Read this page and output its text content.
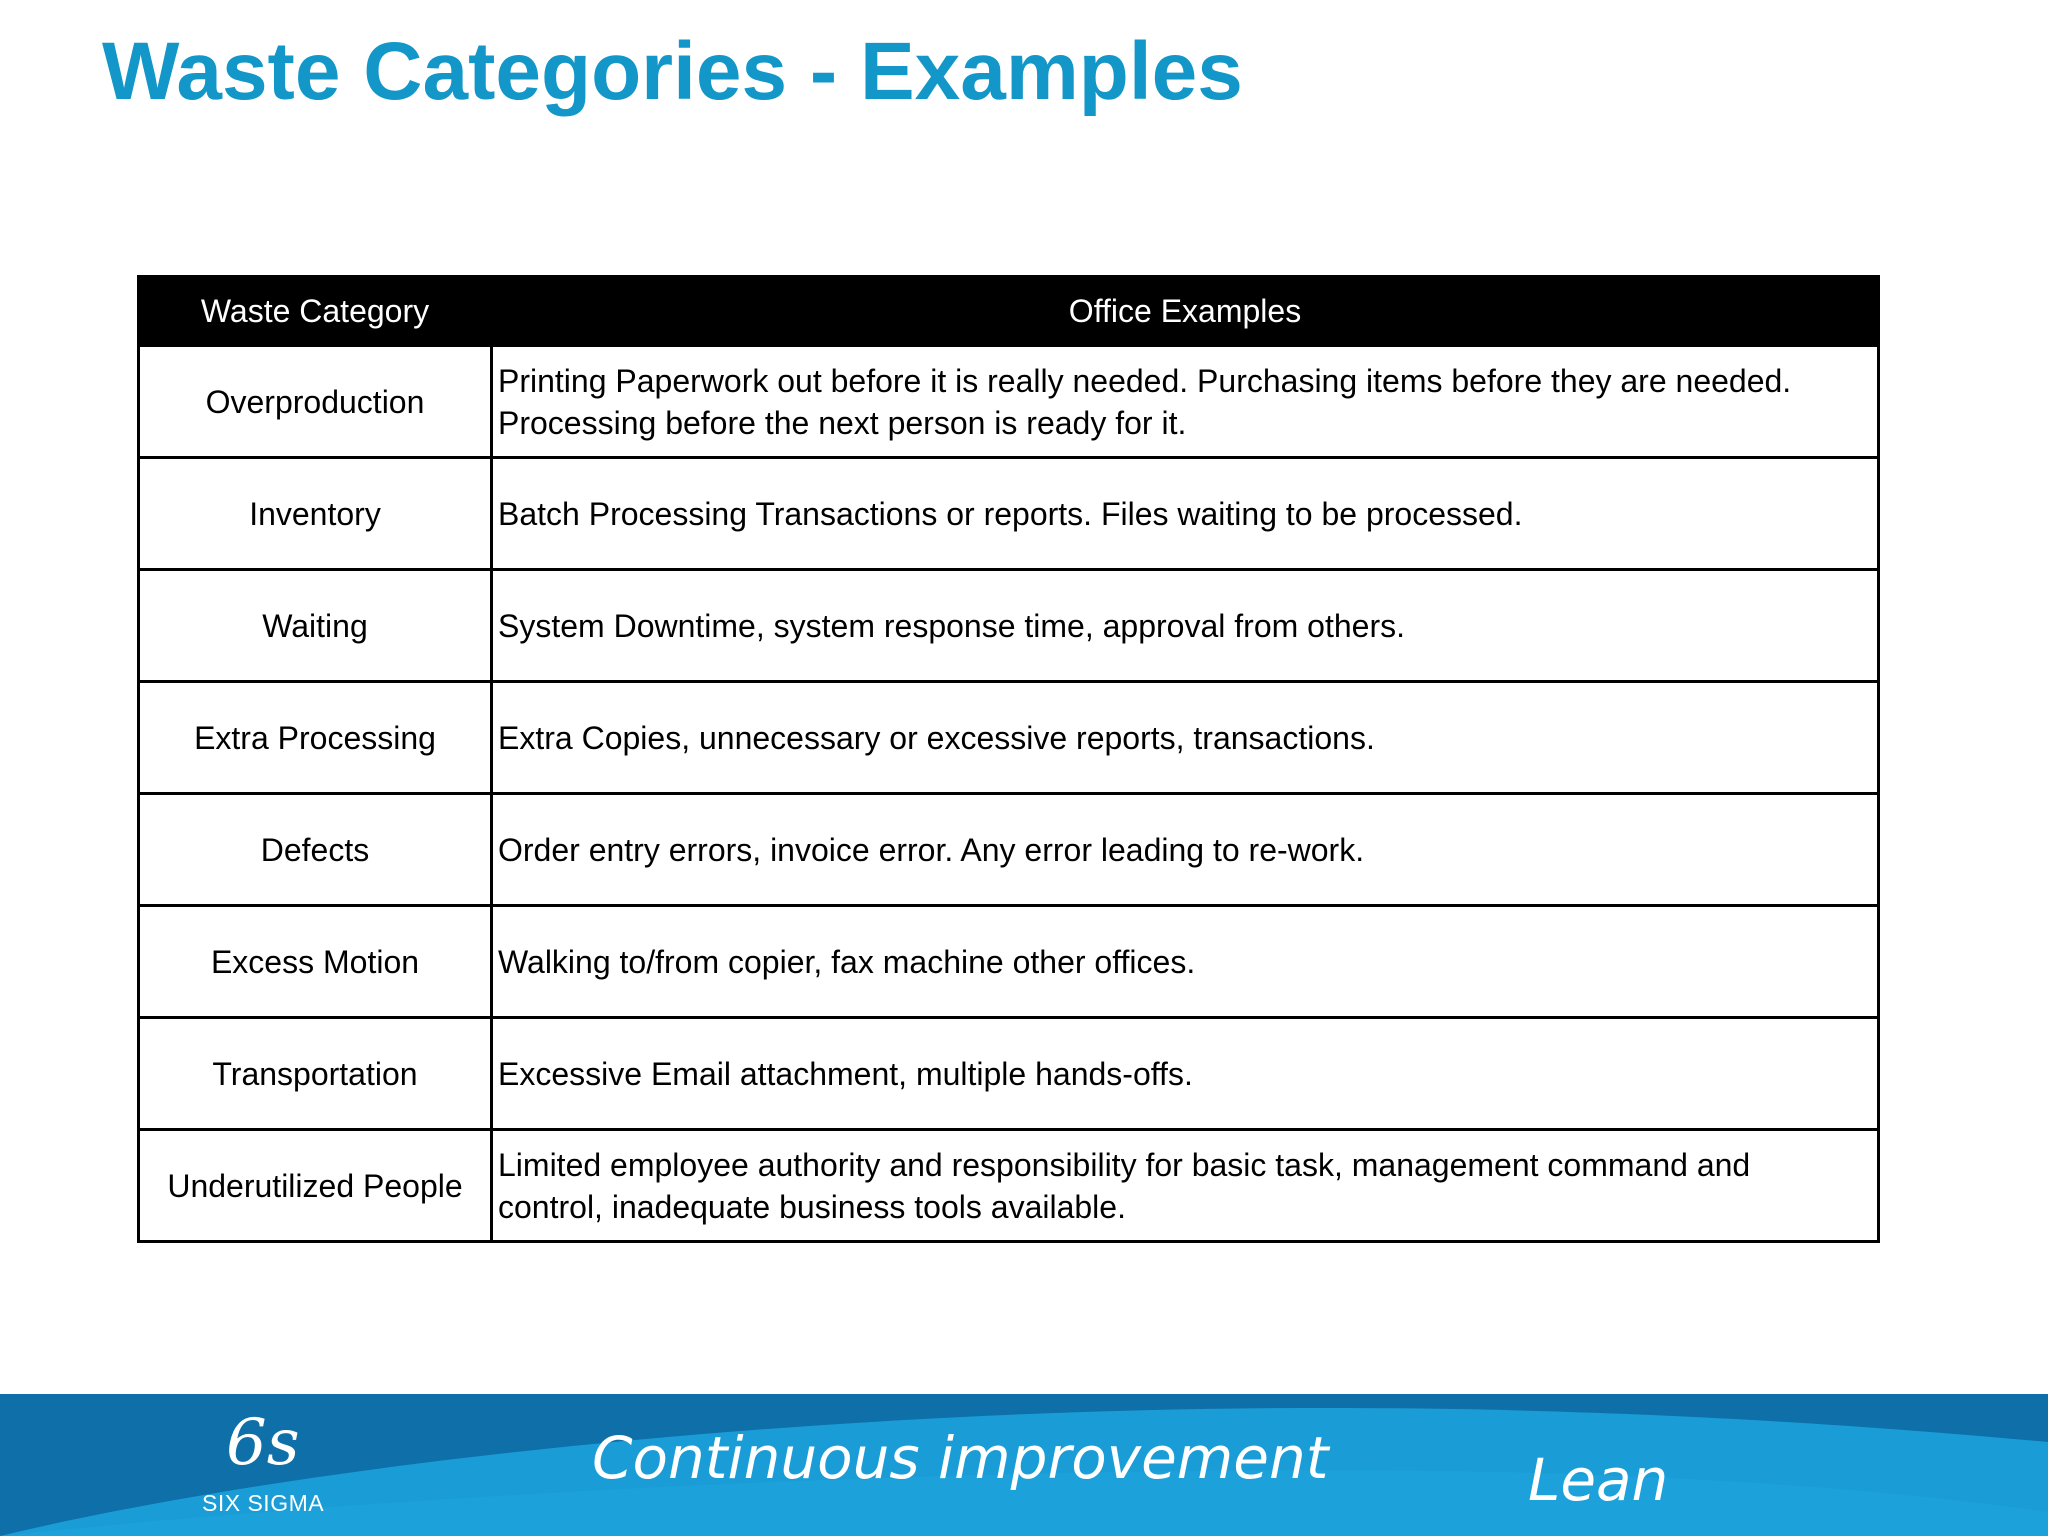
Waste Categories - Examples
Waste Category	Office Examples
Overproduction	Printing Paperwork out before it is really needed. Purchasing items before they are needed.
Processing before the next person is ready for it.

Inventory	Batch Processing Transactions or reports. Files waiting to be processed.

Waiting	System Downtime, system response time, approval from others.

Extra Processing	Extra Copies, unnecessary or excessive reports, transactions.

Defects	Order entry errors, invoice error. Any error leading to re-work.

Excess Motion	Walking to/from copier, fax machine other offices.

Transportation	Excessive Email attachment, multiple hands-offs.

Underutilized People	Limited employee authority and responsibility for basic task, management command and
control, inadequate business tools available.
6s
SIX SIGMA
Continuous improvement	Lean
